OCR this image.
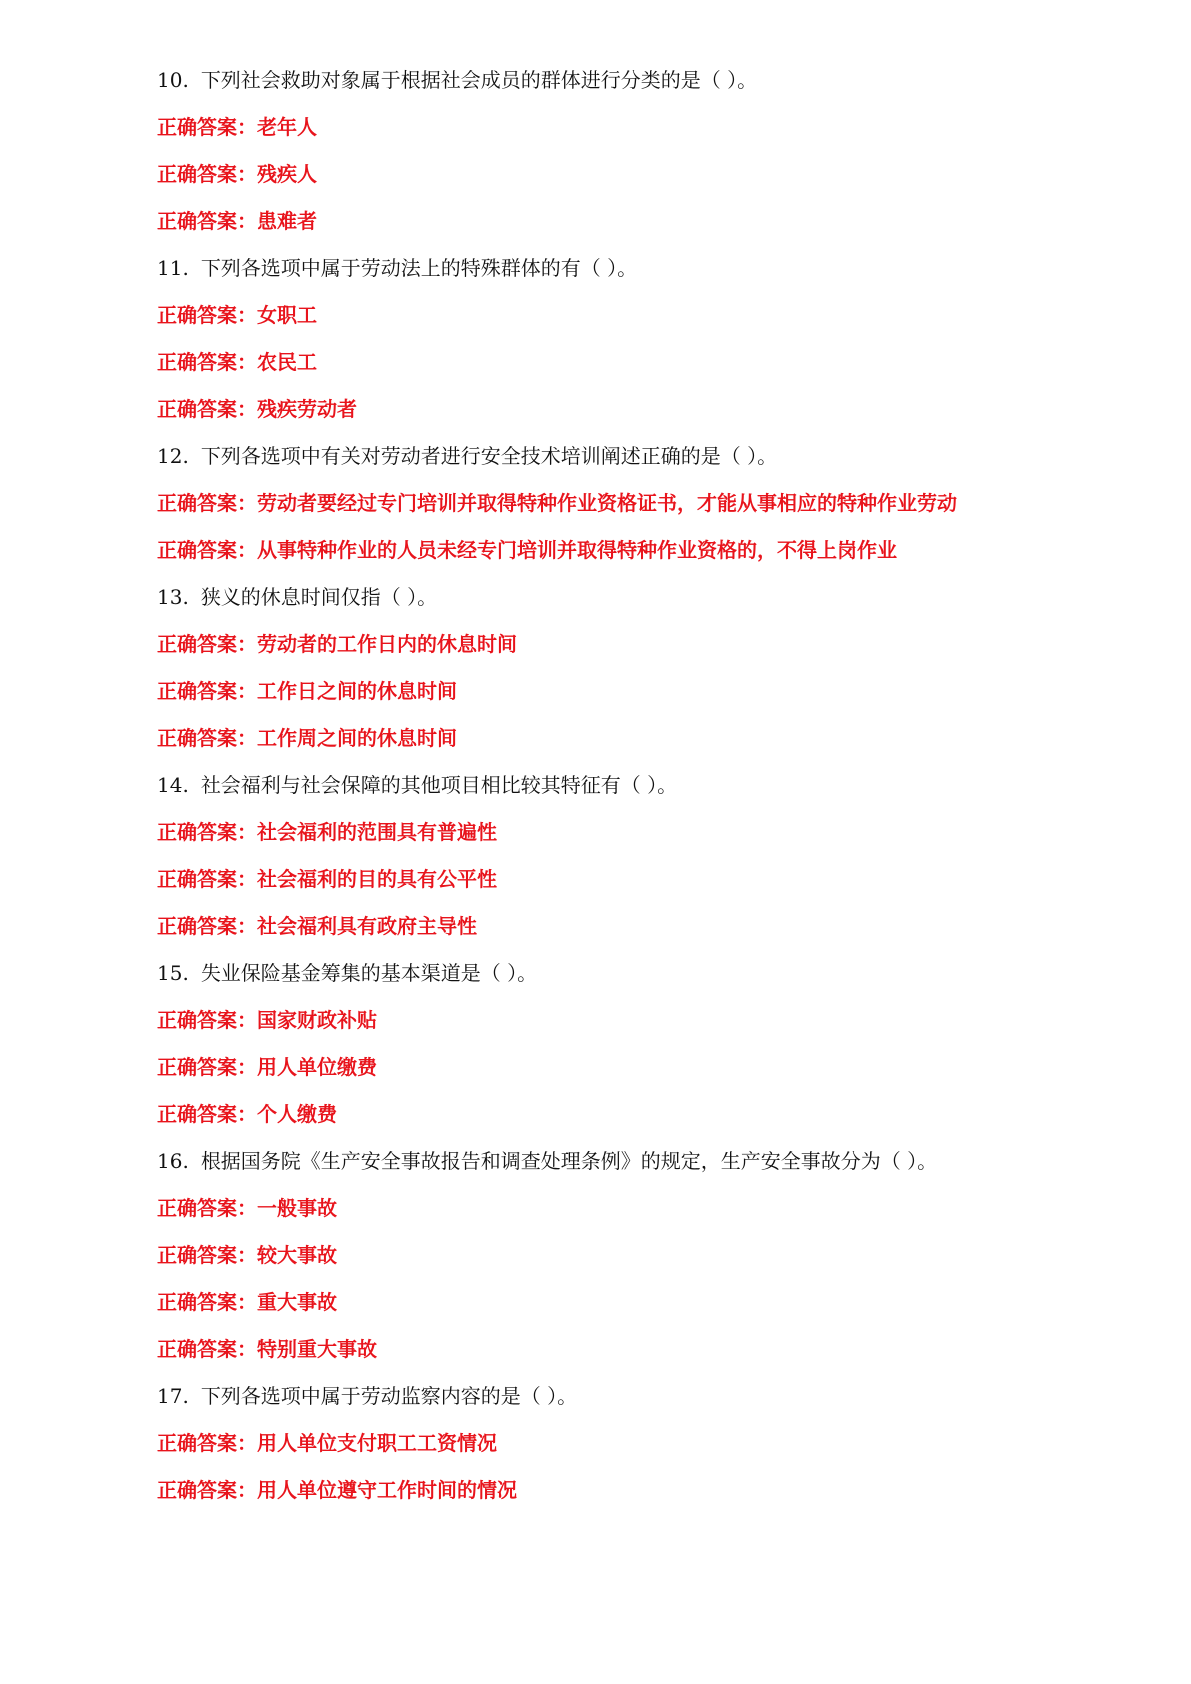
10. 下列社会救助对象属于根据社会成员的群体进行分类的是（ ）。
正确答案：老年人
正确答案：残疾人
正确答案：患难者
11. 下列各选项中属于劳动法上的特殊群体的有（ ）。
正确答案：女职工
正确答案：农民工
正确答案：残疾劳动者
12. 下列各选项中有关对劳动者进行安全技术培训阐述正确的是（ ）。
正确答案：劳动者要经过专门培训并取得特种作业资格证书，才能从事相应的特种作业劳动
正确答案：从事特种作业的人员未经专门培训并取得特种作业资格的，不得上岗作业
13. 狭义的休息时间仅指（ ）。
正确答案：劳动者的工作日内的休息时间
正确答案：工作日之间的休息时间
正确答案：工作周之间的休息时间
14. 社会福利与社会保障的其他项目相比较其特征有（ ）。
正确答案：社会福利的范围具有普遍性
正确答案：社会福利的目的具有公平性
正确答案：社会福利具有政府主导性
15. 失业保险基金筹集的基本渠道是（ ）。
正确答案：国家财政补贴
正确答案：用人单位缴费
正确答案：个人缴费
16. 根据国务院《生产安全事故报告和调查处理条例》的规定，生产安全事故分为（ ）。
正确答案：一般事故
正确答案：较大事故
正确答案：重大事故
正确答案：特别重大事故
17. 下列各选项中属于劳动监察内容的是（ ）。
正确答案：用人单位支付职工工资情况
正确答案：用人单位遵守工作时间的情况
